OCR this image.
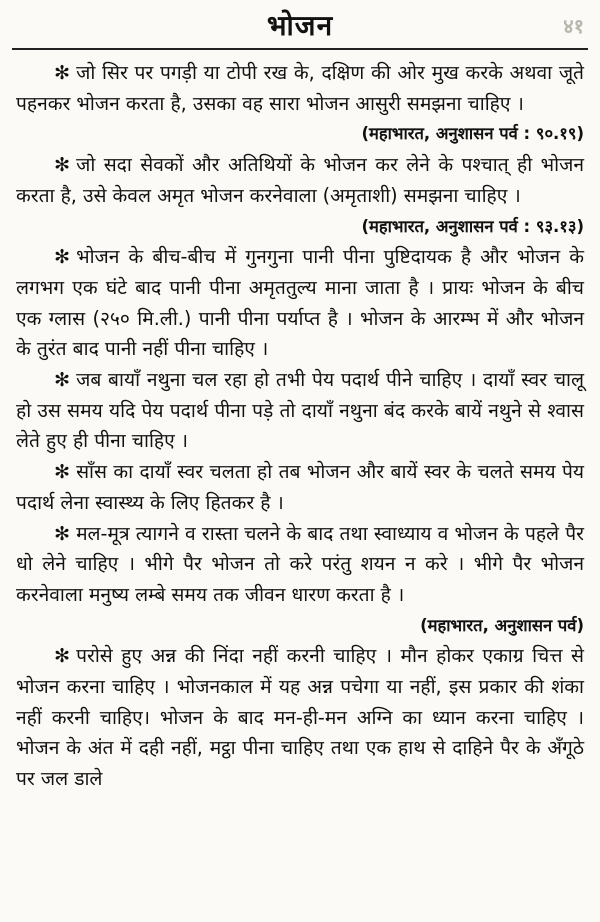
भोजन	४१

✻ जो सिर पर पगड़ी या टोपी रख के, दक्षिण की ओर मुख करके अथवा जूते पहनकर भोजन करता है, उसका वह सारा भोजन आसुरी समझना चाहिए ।
(महाभारत, अनुशासन पर्व : ९०.१९)

✻ जो सदा सेवकों और अतिथियों के भोजन कर लेने के पश्चात् ही भोजन करता है, उसे केवल अमृत भोजन करनेवाला (अमृताशी) समझना चाहिए ।
(महाभारत, अनुशासन पर्व : ९३.१३)

✻ भोजन के बीच-बीच में गुनगुना पानी पीना पुष्टिदायक है और भोजन के लगभग एक घंटे बाद पानी पीना अमृततुल्य माना जाता है । प्रायः भोजन के बीच एक ग्लास (२५० मि.ली.) पानी पीना पर्याप्त है । भोजन के आरम्भ में और भोजन के तुरंत बाद पानी नहीं पीना चाहिए ।

✻ जब बायाँ नथुना चल रहा हो तभी पेय पदार्थ पीने चाहिए । दायाँ स्वर चालू हो उस समय यदि पेय पदार्थ पीना पड़े तो दायाँ नथुना बंद करके बायें नथुने से श्वास लेते हुए ही पीना चाहिए ।

✻ साँस का दायाँ स्वर चलता हो तब भोजन और बायें स्वर के चलते समय पेय पदार्थ लेना स्वास्थ्य के लिए हितकर है ।

✻ मल-मूत्र त्यागने व रास्ता चलने के बाद तथा स्वाध्याय व भोजन के पहले पैर धो लेने चाहिए । भीगे पैर भोजन तो करे परंतु शयन न करे । भीगे पैर भोजन करनेवाला मनुष्य लम्बे समय तक जीवन धारण करता है ।
(महाभारत, अनुशासन पर्व)

✻ परोसे हुए अन्न की निंदा नहीं करनी चाहिए । मौन होकर एकाग्र चित्त से भोजन करना चाहिए । भोजनकाल में यह अन्न पचेगा या नहीं, इस प्रकार की शंका नहीं करनी चाहिए। भोजन के बाद मन-ही-मन अग्नि का ध्यान करना चाहिए । भोजन के अंत में दही नहीं, मट्ठा पीना चाहिए तथा एक हाथ से दाहिने पैर के अँगूठे पर जल डाले
